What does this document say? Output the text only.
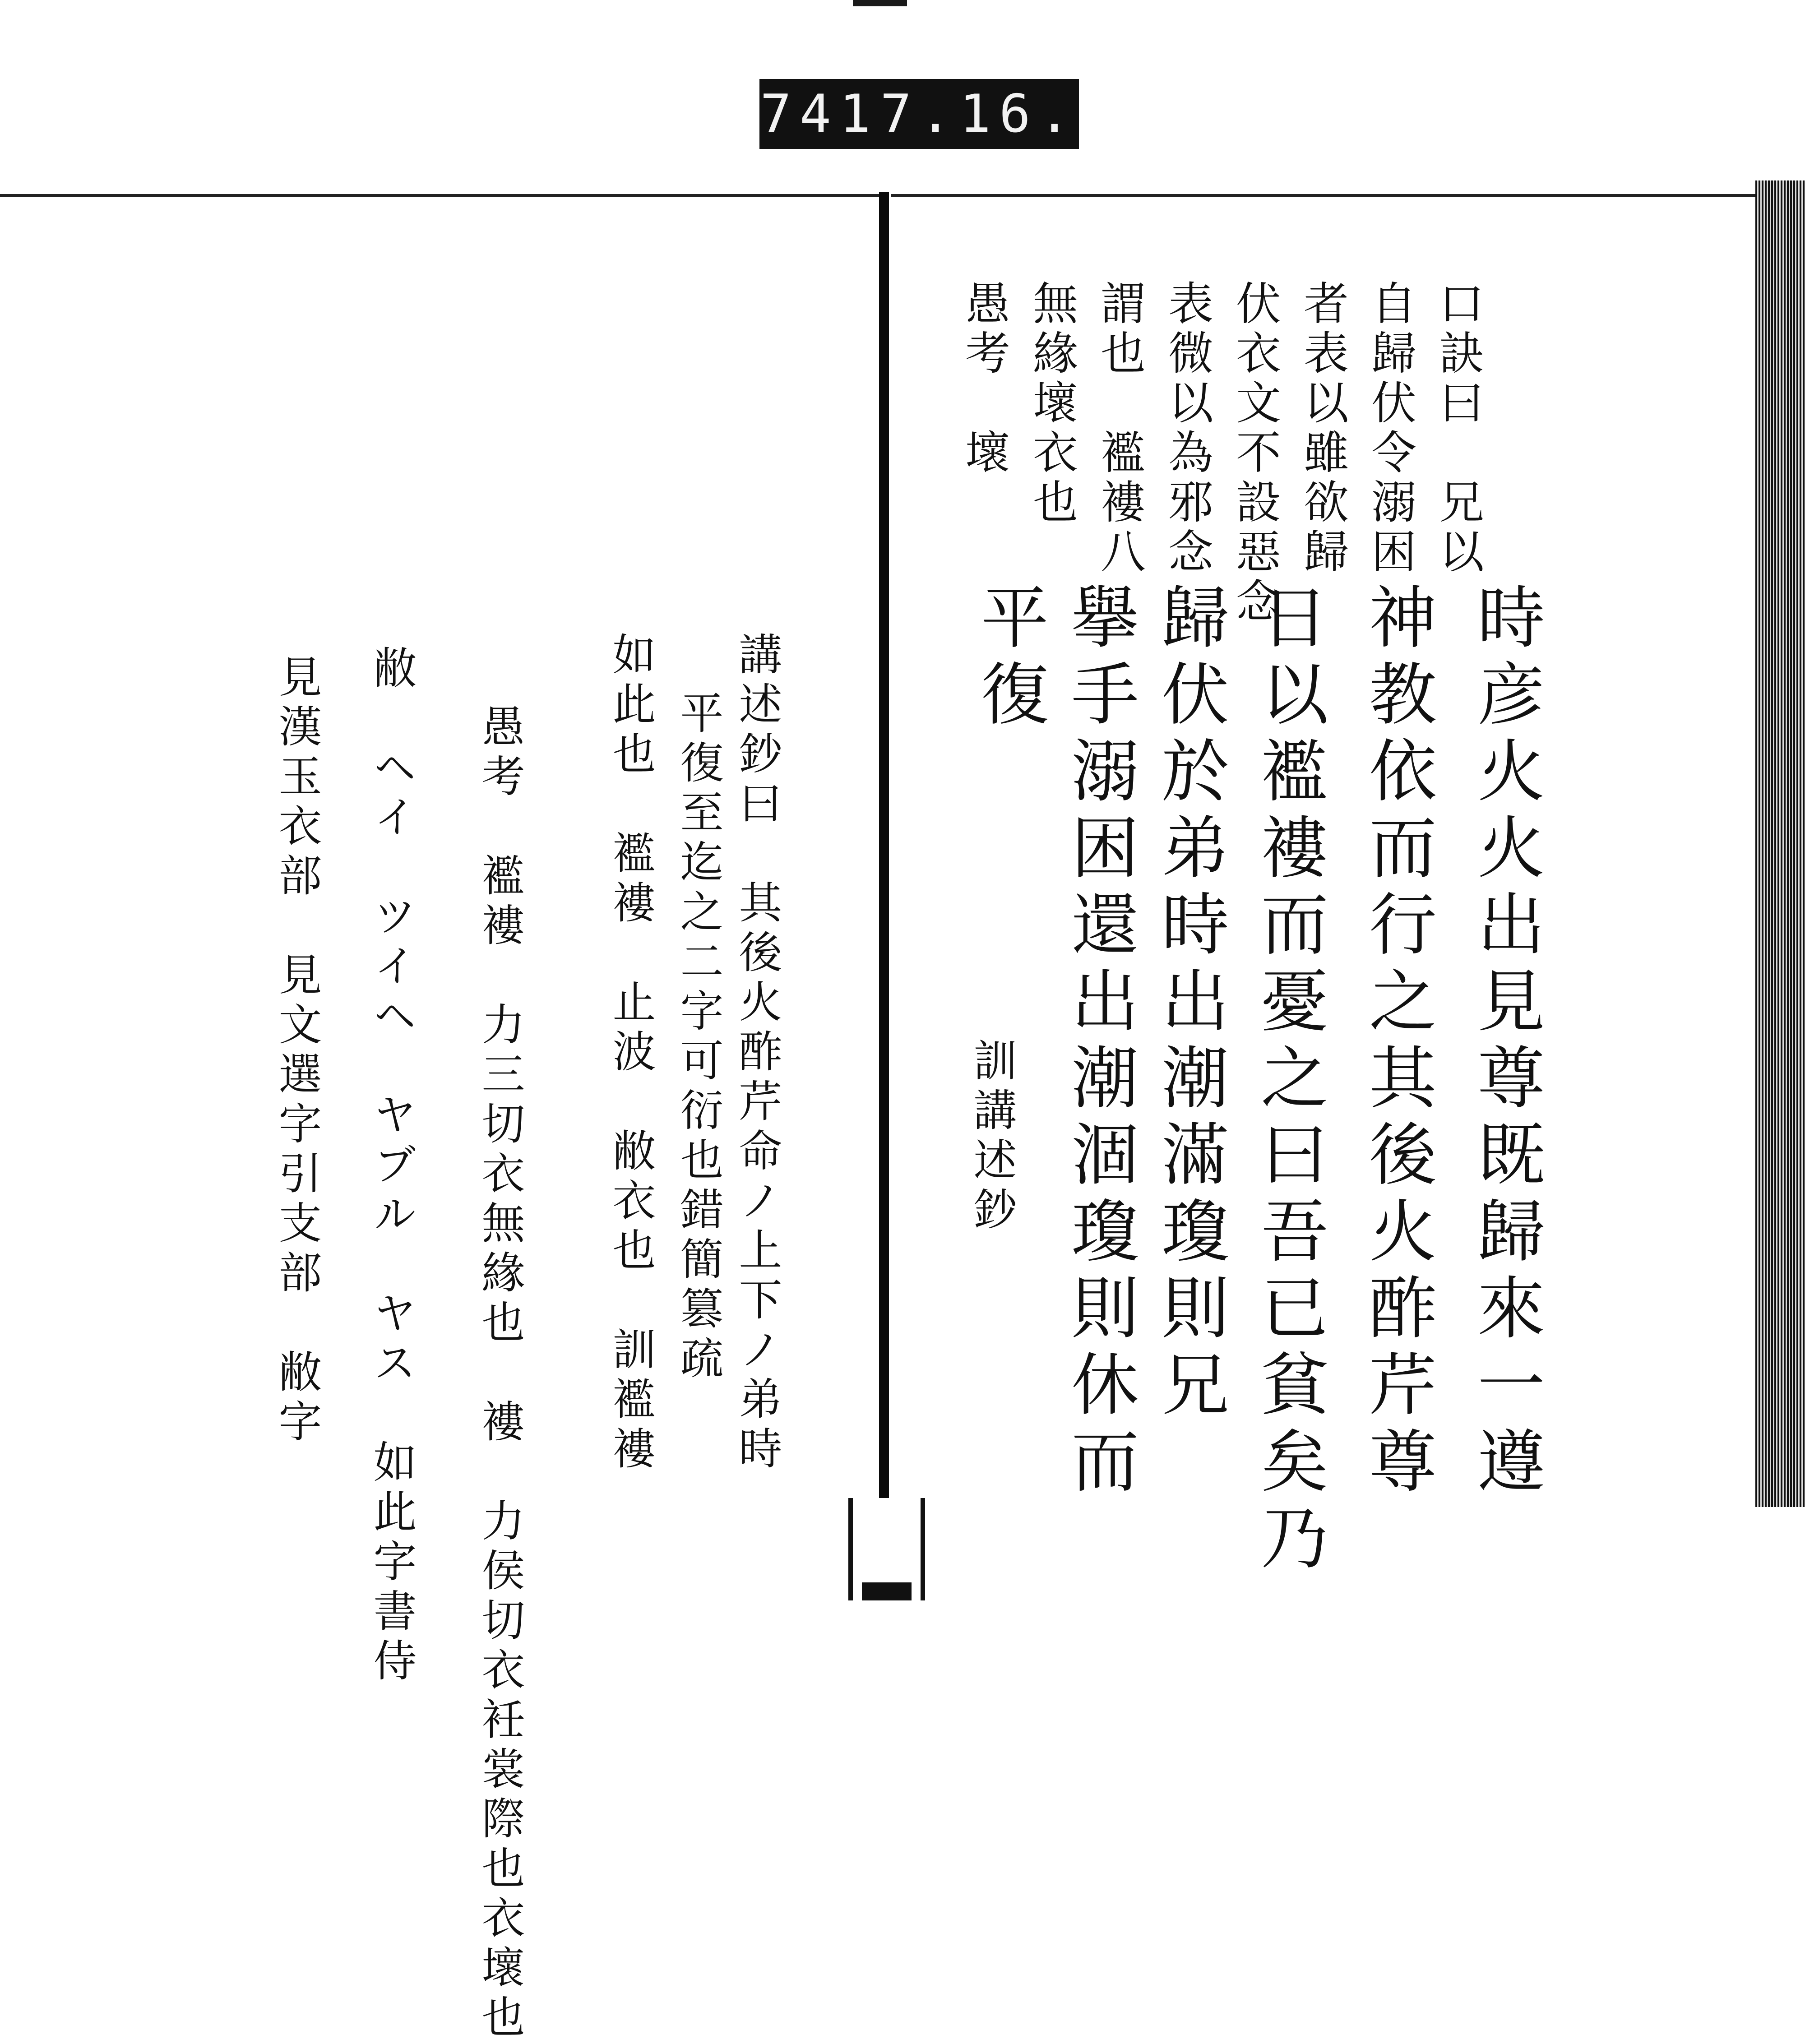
741 7.16.
口訣曰　兄以
自歸伏令溺困
者表以雖欲歸
伏衣文不設惡念
表微以為邪念
謂也　襤褸八
無緣壞衣也
愚考　壞
時彦火火出見尊既歸來一遵
神教依而行之其後火酢芹尊
日以襤褸而憂之曰吾已貧矣乃
歸伏於弟時出潮滿瓊則兄
擧手溺困還出潮涸瓊則休而
平復
訓講述鈔
講述鈔曰　其後火酢芹命ノ上下ノ弟時
平復至迄之二字可衍也錯簡篡疏
如此也　襤褸　止波　敝衣也　訓襤褸
愚考　襤褸　力三切衣無緣也　褸　力侯切衣衽裳際也衣壞也
敝　ヘイ　ツイヘ　ヤブル　ヤス　如此字書侍
見漢玉衣部　見文選字引支部　敝字
